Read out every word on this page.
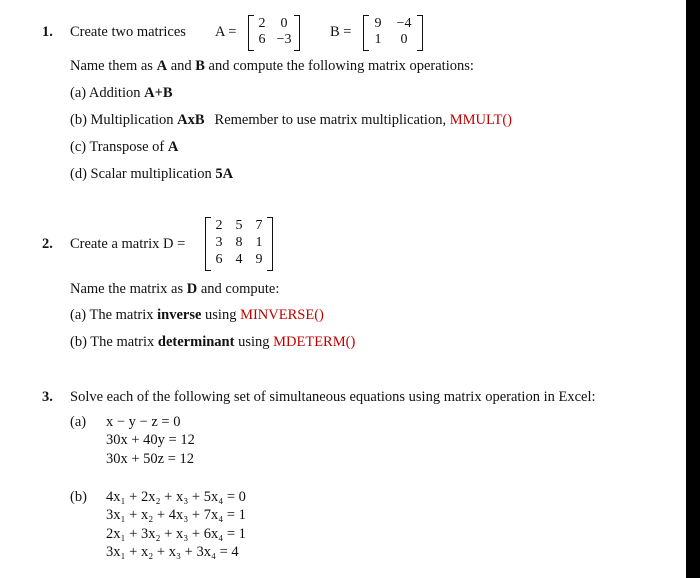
1. Create two matrices A =
2	0
6 −3	B =
9	−4
1	0
Name them as A and B and compute the following matrix operations:
(a) Addition A+B
(b) Multiplication AxB Remember to use matrix multiplication, MMULT()
(c) Transpose of A
(d) Scalar multiplication 5A
2. Create a matrix D =
2 5 7
3 8 1
6 4 9
Name the matrix as D and compute:
(a) The matrix inverse using MINVERSE()
(b) The matrix determinant using MDETERM()
3. Solve each of the following set of simultaneous equations using matrix operation in Excel:
(a) x − y − z = 0
30x + 40y = 12
30x + 50z = 12
(b) 4x₁ + 2x₂ + x₃ + 5x₄ = 0
3x₁ + x₂ + 4x₃ + 7x₄ = 1
2x₁ + 3x₂ + x₃ + 6x₄ = 1
3x₁ + x₂ + x₃ + 3x₄ = 4
